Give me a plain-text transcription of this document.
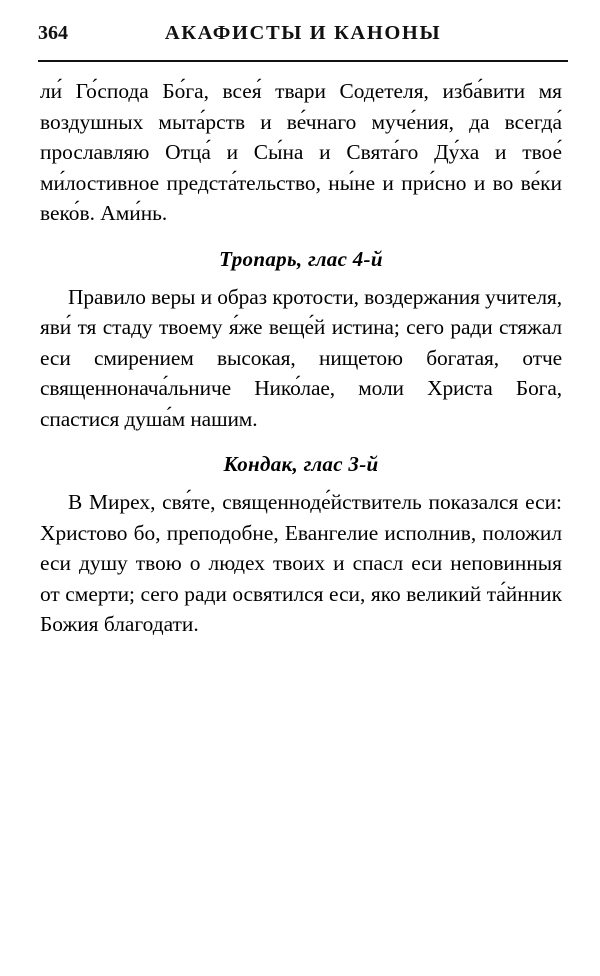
364	АКАФИСТЫ И КАНОНЫ

ли́ Го́спода Бо́га, всея́ твари Содетеля, изба́вити мя воздушных мыта́рств и ве́чнаго муче́ния, да всегда́ прославляю Отца́ и Сы́на и Свята́го Ду́ха и твое́ ми́лостивное предста́тельство, ны́не и при́сно и во ве́ки веко́в. Ами́нь.

Тропарь, глас 4-й

Правило веры и образ кротости, воздержания учителя, яви́ тя стаду твоему я́же веще́й истина; сего ради стяжал еси смирением высокая, нищетою богатая, отче священнонача́льниче Нико́лае, моли Христа Бога, спастися душа́м нашим.

Кондак, глас 3-й

В Мирех, свя́те, священноде́йствитель показался еси: Христово бо, преподобне, Евангелие исполнив, положил еси душу твою о людех твоих и спасл еси неповинныя от смерти; сего ради освятился еси, яко великий та́йнник Божия благодати.
